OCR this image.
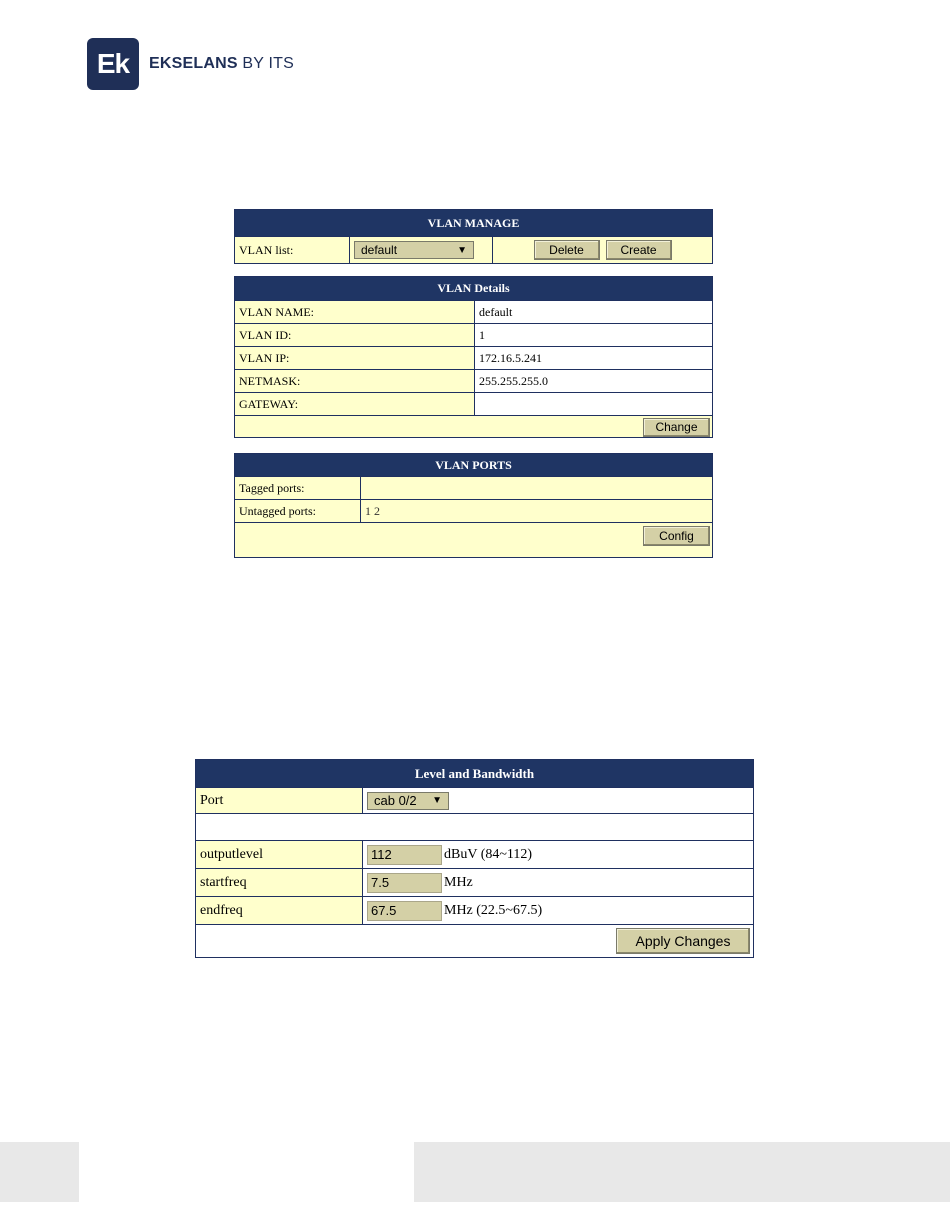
Ek	EKSELANS BY ITS
VLAN MANAGE
VLAN list:	default	▼	Delete	Create
VLAN Details
VLAN NAME:	default
VLAN ID:	1
VLAN IP:	172.16.5.241
NETMASK:	255.255.255.0
GATEWAY:
Change
VLAN PORTS
Tagged ports:
Untagged ports:	1 2
Config
Level and Bandwidth
Port	cab 0/2 ▼
outputlevel	112	dBuV (84~112)
startfreq	7.5	MHz
endfreq	67.5	MHz (22.5~67.5)
Apply Changes
